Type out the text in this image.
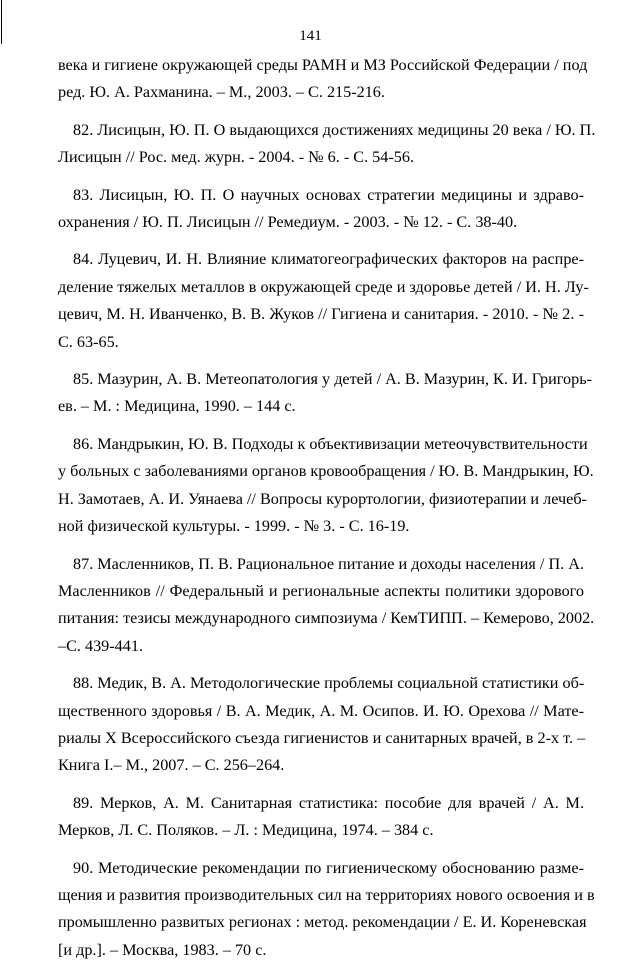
141

века и гигиене окружающей среды РАМН и МЗ Российской Федерации / под
ред. Ю. А. Рахманина. – М., 2003. – С. 215-216.

82. Лисицын, Ю. П. О выдающихся достижениях медицины 20 века / Ю. П.
Лисицын // Рос. мед. журн. - 2004. - № 6. - С. 54-56.

83. Лисицын, Ю. П. О научных основах стратегии медицины и здраво-
охранения / Ю. П. Лисицын // Ремедиум. - 2003. - № 12. - С. 38-40.

84. Луцевич, И. Н. Влияние климатогеографических факторов на распре-
деление тяжелых металлов в окружающей среде и здоровье детей / И. Н. Лу-
цевич, М. Н. Иванченко, В. В. Жуков // Гигиена и санитария. - 2010. - № 2. -
С. 63-65.

85. Мазурин, А. В. Метеопатология у детей / А. В. Мазурин, К. И. Григорь-
ев. – М. : Медицина, 1990. – 144 с.

86. Мандрыкин, Ю. В. Подходы к объективизации метеочувствительности
у больных с заболеваниями органов кровообращения / Ю. В. Мандрыкин, Ю.
Н. Замотаев, А. И. Уянаева // Вопросы курортологии, физиотерапии и лечеб-
ной физической культуры. - 1999. - № 3. - С. 16-19.

87. Масленников, П. В. Рациональное питание и доходы населения / П. А.
Масленников // Федеральный и региональные аспекты политики здорового
питания: тезисы международного симпозиума / КемТИПП. – Кемерово, 2002.
–С. 439-441.

88. Медик, В. А. Методологические проблемы социальной статистики об-
щественного здоровья / В. А. Медик, А. М. Осипов. И. Ю. Орехова // Мате-
риалы X Всероссийского съезда гигиенистов и санитарных врачей, в 2-х т. –
Книга I.– М., 2007. – С. 256–264.

89. Мерков, А. М. Санитарная статистика: пособие для врачей / А. М.
Мерков, Л. С. Поляков. – Л. : Медицина, 1974. – 384 с.

90. Методические рекомендации по гигиеническому обоснованию разме-
щения и развития производительных сил на территориях нового освоения и в
промышленно развитых регионах : метод. рекомендации / Е. И. Кореневская
[и др.]. – Москва, 1983. – 70 с.
